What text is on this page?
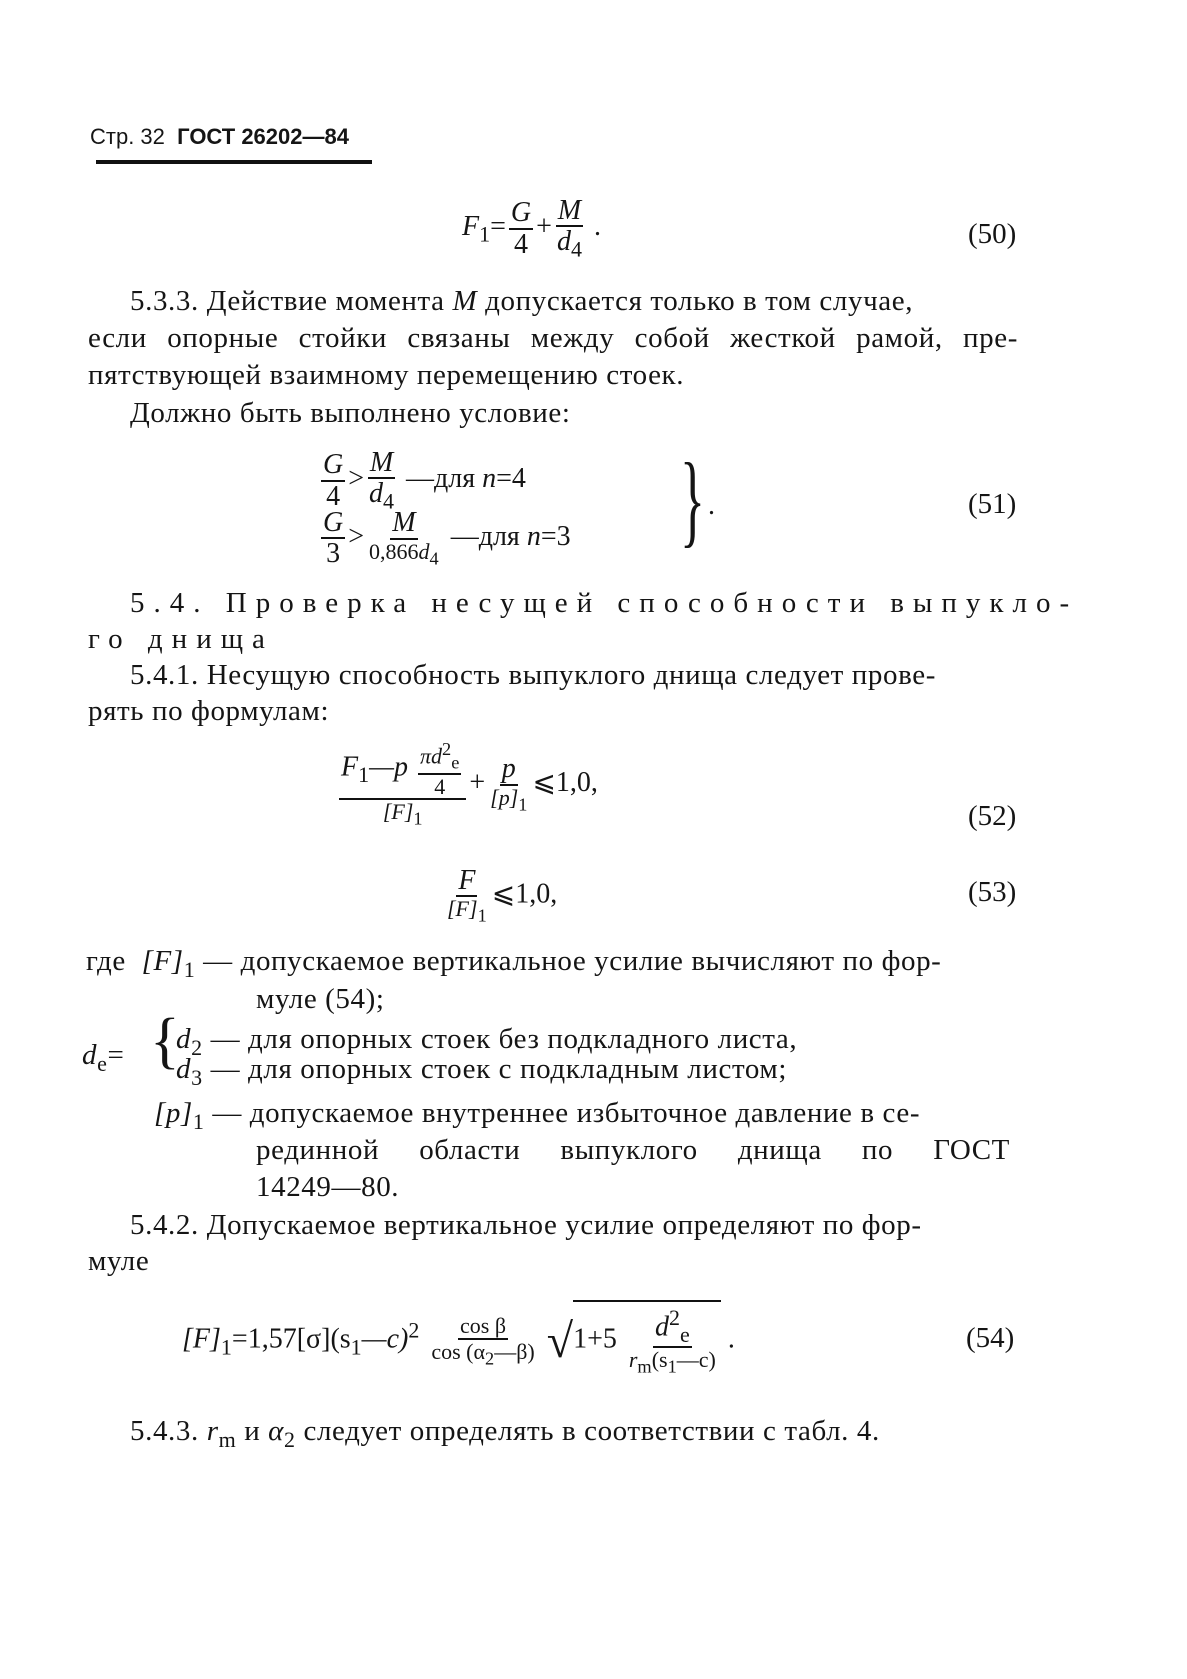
Стр. 32 ГОСТ 26202—84
$F_1= \frac{G}{4} + \frac{M}{d_4}$ .	(50)
5.3.3. Действие момента M допускается только в том случае,
если опорные стойки связаны между собой жесткой рамой, пре-
пятствующей взаимному перемещению стоек.
Должно быть выполнено условие:
$\frac{G}{4} > \frac{M}{d_4}$ —для n=4
$\frac{G}{3} > \frac{M}{0,866d_4}$ —для n=3 } .	(51)
5.4. Проверка несущей способности выпукло-
го днища
5.4.1. Несущую способность выпуклого днища следует прове-
рять по формулам:
$\frac{F_1—p \frac{\pi d^2_e}{4}}{[F]_1} + \frac{p}{[p]_1}$ ⩽1,0,
(52)
$\frac{F}{[F]_1}$ ⩽1,0,	(53)
где $[F]_1$ — допускаемое вертикальное усилие вычисляют по фор-
муле (54);
$d_e=$ {
$d_2$ — для опорных стоек без подкладного листа,
$d_3$ — для опорных стоек с подкладным листом;
$[p]_1$ — допускаемое внутреннее избыточное давление в се-
рединной области выпуклого днища по ГОСТ
14249—80.
5.4.2. Допускаемое вертикальное усилие определяют по фор-
муле
$[F]_1=1,57[\sigma](s_1—c)^2 \frac{\text{cos β}}{\cos (\alpha_2—\beta)} √1+5 \frac{d^2_e}{r_m(s_1—c)}$ .	(54)
5.4.3. $r_m$ и $\alpha_2$ следует определять в соответствии с табл. 4.
